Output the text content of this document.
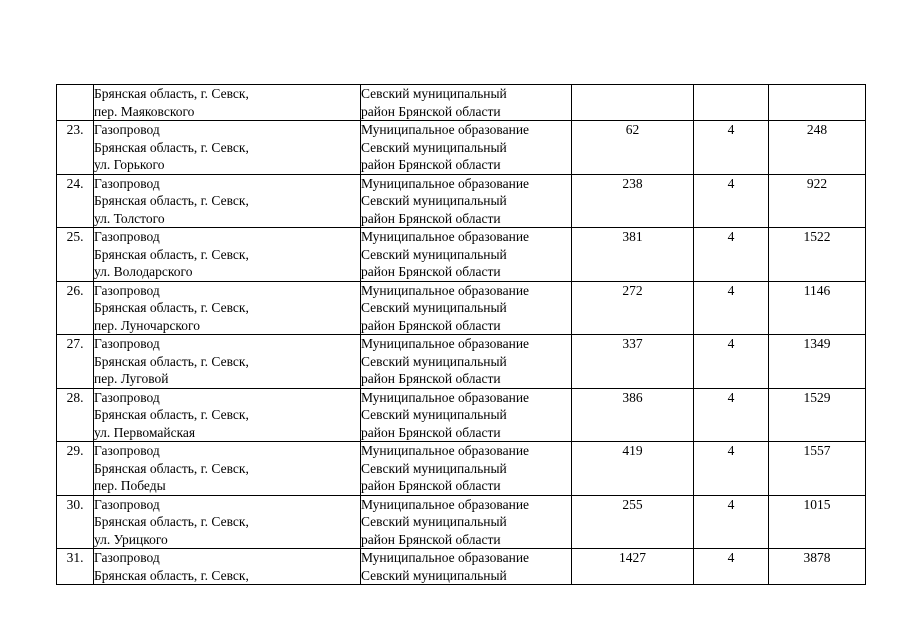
	Брянская область, г. Севск,
пер. Маяковского	Севский муниципальный
район Брянской области			

23.	Газопровод
Брянская область, г. Севск,
ул. Горького	Муниципальное образование
Севский муниципальный
район Брянской области	62	4	248

24.	Газопровод
Брянская область, г. Севск,
ул. Толстого	Муниципальное образование
Севский муниципальный
район Брянской области	238	4	922

25.	Газопровод
Брянская область, г. Севск,
ул. Володарского	Муниципальное образование
Севский муниципальный
район Брянской области	381	4	1522

26.	Газопровод
Брянская область, г. Севск,
пер. Луночарского	Муниципальное образование
Севский муниципальный
район Брянской области	272	4	1146

27.	Газопровод
Брянская область, г. Севск,
пер. Луговой	Муниципальное образование
Севский муниципальный
район Брянской области	337	4	1349

28.	Газопровод
Брянская область, г. Севск,
ул. Первомайская	Муниципальное образование
Севский муниципальный
район Брянской области	386	4	1529

29.	Газопровод
Брянская область, г. Севск,
пер. Победы	Муниципальное образование
Севский муниципальный
район Брянской области	419	4	1557

30.	Газопровод
Брянская область, г. Севск,
ул. Урицкого	Муниципальное образование
Севский муниципальный
район Брянской области	255	4	1015

31.	Газопровод
Брянская область, г. Севск,	Муниципальное образование
Севский муниципальный	1427	4	3878
